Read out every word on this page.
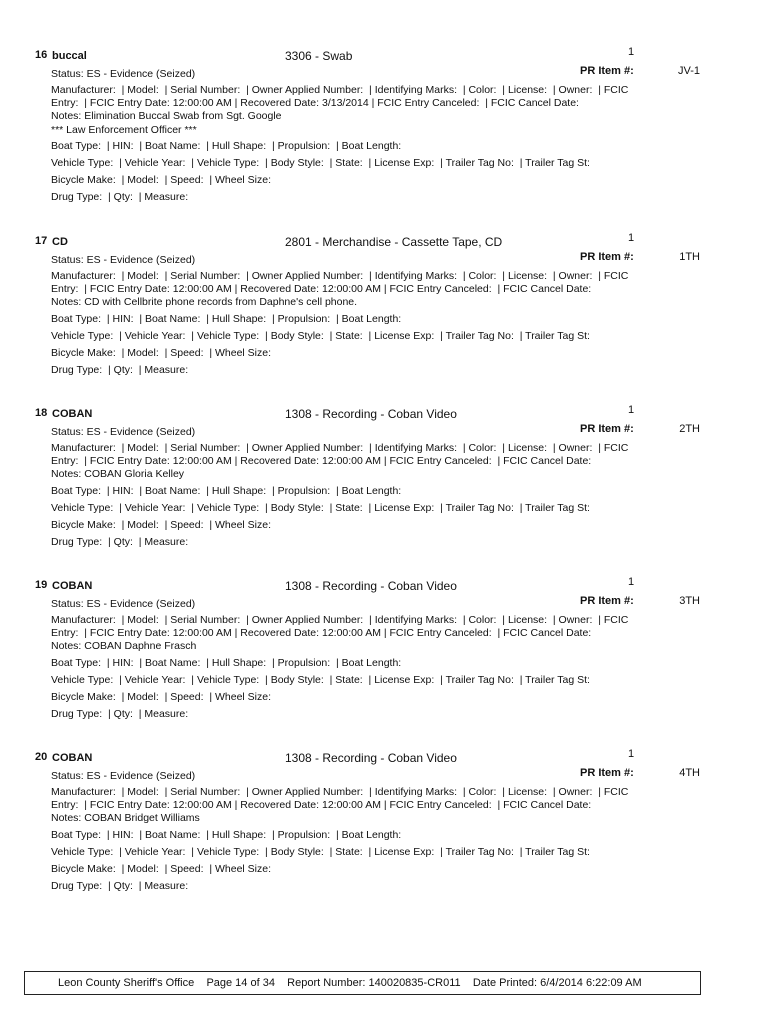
16 buccal	3306 - Swab	1
Status: ES - Evidence (Seized)	PR Item #:	JV-1
Manufacturer:  | Model:  | Serial Number:  | Owner Applied Number:  | Identifying Marks:  | Color:  | License:  | Owner:  | FCIC
Entry:  | FCIC Entry Date: 12:00:00 AM | Recovered Date: 3/13/2014 | FCIC Entry Canceled:  | FCIC Cancel Date:
Notes: Elimination Buccal Swab from Sgt. Google
*** Law Enforcement Officer ***
Boat Type:  | HIN:  | Boat Name:  | Hull Shape:  | Propulsion:  | Boat Length:
Vehicle Type:  | Vehicle Year:  | Vehicle Type:  | Body Style:  | State:  | License Exp:  | Trailer Tag No:  | Trailer Tag St:
Bicycle Make:  | Model:  | Speed:  | Wheel Size:
Drug Type:  | Qty:  | Measure:
17 CD	2801 - Merchandise - Cassette Tape, CD	1
Status: ES - Evidence (Seized)	PR Item #:	1TH
Manufacturer:  | Model:  | Serial Number:  | Owner Applied Number:  | Identifying Marks:  | Color:  | License:  | Owner:  | FCIC
Entry:  | FCIC Entry Date: 12:00:00 AM | Recovered Date: 12:00:00 AM | FCIC Entry Canceled:  | FCIC Cancel Date:
Notes: CD with Cellbrite phone records from Daphne's cell phone.
Boat Type:  | HIN:  | Boat Name:  | Hull Shape:  | Propulsion:  | Boat Length:
Vehicle Type:  | Vehicle Year:  | Vehicle Type:  | Body Style:  | State:  | License Exp:  | Trailer Tag No:  | Trailer Tag St:
Bicycle Make:  | Model:  | Speed:  | Wheel Size:
Drug Type:  | Qty:  | Measure:
18 COBAN	1308 - Recording - Coban Video	1
Status: ES - Evidence (Seized)	PR Item #:	2TH
Manufacturer:  | Model:  | Serial Number:  | Owner Applied Number:  | Identifying Marks:  | Color:  | License:  | Owner:  | FCIC
Entry:  | FCIC Entry Date: 12:00:00 AM | Recovered Date: 12:00:00 AM | FCIC Entry Canceled:  | FCIC Cancel Date:
Notes: COBAN Gloria Kelley
Boat Type:  | HIN:  | Boat Name:  | Hull Shape:  | Propulsion:  | Boat Length:
Vehicle Type:  | Vehicle Year:  | Vehicle Type:  | Body Style:  | State:  | License Exp:  | Trailer Tag No:  | Trailer Tag St:
Bicycle Make:  | Model:  | Speed:  | Wheel Size:
Drug Type:  | Qty:  | Measure:
19 COBAN	1308 - Recording - Coban Video	1
Status: ES - Evidence (Seized)	PR Item #:	3TH
Manufacturer:  | Model:  | Serial Number:  | Owner Applied Number:  | Identifying Marks:  | Color:  | License:  | Owner:  | FCIC
Entry:  | FCIC Entry Date: 12:00:00 AM | Recovered Date: 12:00:00 AM | FCIC Entry Canceled:  | FCIC Cancel Date:
Notes: COBAN Daphne Frasch
Boat Type:  | HIN:  | Boat Name:  | Hull Shape:  | Propulsion:  | Boat Length:
Vehicle Type:  | Vehicle Year:  | Vehicle Type:  | Body Style:  | State:  | License Exp:  | Trailer Tag No:  | Trailer Tag St:
Bicycle Make:  | Model:  | Speed:  | Wheel Size:
Drug Type:  | Qty:  | Measure:
20 COBAN	1308 - Recording - Coban Video	1
Status: ES - Evidence (Seized)	PR Item #:	4TH
Manufacturer:  | Model:  | Serial Number:  | Owner Applied Number:  | Identifying Marks:  | Color:  | License:  | Owner:  | FCIC
Entry:  | FCIC Entry Date: 12:00:00 AM | Recovered Date: 12:00:00 AM | FCIC Entry Canceled:  | FCIC Cancel Date:
Notes: COBAN Bridget Williams
Boat Type:  | HIN:  | Boat Name:  | Hull Shape:  | Propulsion:  | Boat Length:
Vehicle Type:  | Vehicle Year:  | Vehicle Type:  | Body Style:  | State:  | License Exp:  | Trailer Tag No:  | Trailer Tag St:
Bicycle Make:  | Model:  | Speed:  | Wheel Size:
Drug Type:  | Qty:  | Measure:
Leon County Sheriff's Office    Page 14 of 34    Report Number: 140020835-CR011    Date Printed: 6/4/2014 6:22:09 AM
